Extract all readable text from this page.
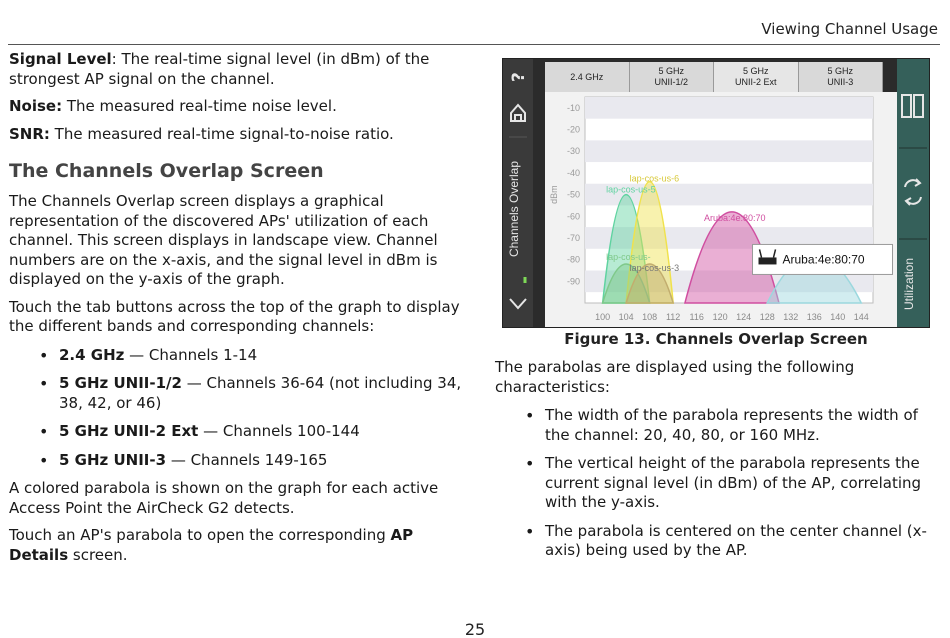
Viewing Channel Usage

Signal Level: The real-time signal level (in dBm) of the strongest AP signal on the channel.

Noise: The measured real-time noise level.

SNR: The measured real-time signal-to-noise ratio.

The Channels Overlap Screen

The Channels Overlap screen displays a graphical representation of the discovered APs' utilization of each channel. This screen displays in landscape view. Channel numbers are on the x-axis, and the signal level in dBm is displayed on the y-axis of the graph.

Touch the tab buttons across the top of the graph to display the different bands and corresponding channels:

• 2.4 GHz — Channels 1-14
• 5 GHz UNII-1/2 — Channels 36-64 (not including 34, 38, 42, or 46)
• 5 GHz UNII-2 Ext — Channels 100-144
• 5 GHz UNII-3 — Channels 149-165

A colored parabola is shown on the graph for each active Access Point the AirCheck G2 detects.

Touch an AP's parabola to open the corresponding AP Details screen.

?
Channels Overlap
2.4 GHz
5 GHz
UNII-1/2
5 GHz
UNII-2 Ext
5 GHz
UNII-3
-10
-20
-30
-40
-50
-60
-70
-80
-90
dBm
100 104 108 112 116 120 124 128 132 136 140 144
lap-cos-us-5
lap-cos-us-6
lap-cos-us-
lap-cos-us-3
Aruba:4e:80:70
Aruba:4e:80:70	Utilization
Figure 13. Channels Overlap Screen

The parabolas are displayed using the following characteristics:

• The width of the parabola represents the width of the channel: 20, 40, 80, or 160 MHz.
• The vertical height of the parabola represents the current signal level (in dBm) of the AP, correlating with the y-axis.
• The parabola is centered on the center channel (x-axis) being used by the AP.
25
